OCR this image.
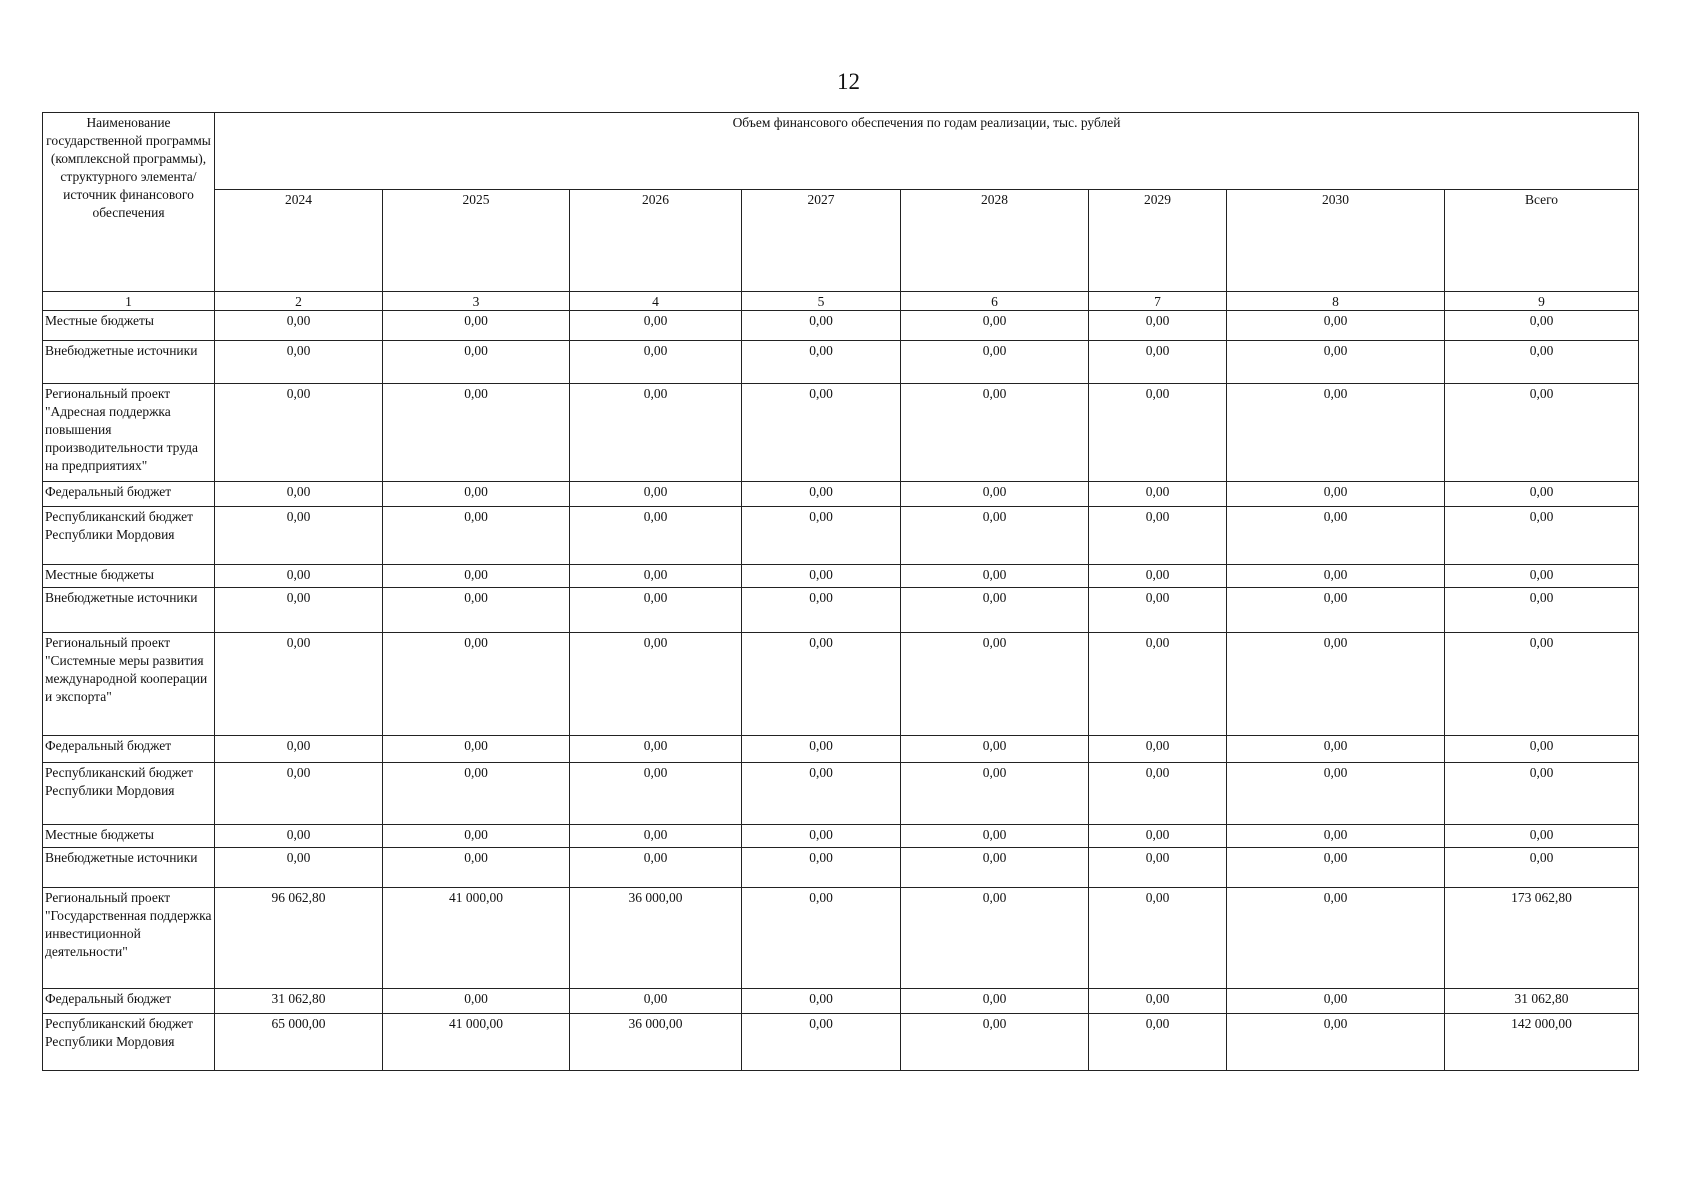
12
Наименование государственной программы (комплексной программы), структурного элемента/источник финансового обеспечения	Объем финансового обеспечения по годам реализации, тыс. рублей							
	2024	2025	2026	2027	2028	2029	2030	Всего
1	2	3	4	5	6	7	8	9
Местные бюджеты	0,00	0,00	0,00	0,00	0,00	0,00	0,00	0,00
Внебюджетные источники	0,00	0,00	0,00	0,00	0,00	0,00	0,00	0,00
Региональный проект "Адресная поддержка повышения производительности труда на предприятиях"	0,00	0,00	0,00	0,00	0,00	0,00	0,00	0,00
Федеральный бюджет	0,00	0,00	0,00	0,00	0,00	0,00	0,00	0,00
Республиканский бюджет Республики Мордовия	0,00	0,00	0,00	0,00	0,00	0,00	0,00	0,00
Местные бюджеты	0,00	0,00	0,00	0,00	0,00	0,00	0,00	0,00
Внебюджетные источники	0,00	0,00	0,00	0,00	0,00	0,00	0,00	0,00
Региональный проект "Системные меры развития международной кооперации и экспорта"	0,00	0,00	0,00	0,00	0,00	0,00	0,00	0,00
Федеральный бюджет	0,00	0,00	0,00	0,00	0,00	0,00	0,00	0,00
Республиканский бюджет Республики Мордовия	0,00	0,00	0,00	0,00	0,00	0,00	0,00	0,00
Местные бюджеты	0,00	0,00	0,00	0,00	0,00	0,00	0,00	0,00
Внебюджетные источники	0,00	0,00	0,00	0,00	0,00	0,00	0,00	0,00
Региональный проект "Государственная поддержка инвестиционной деятельности"	96 062,80	41 000,00	36 000,00	0,00	0,00	0,00	0,00	173 062,80
Федеральный бюджет	31 062,80	0,00	0,00	0,00	0,00	0,00	0,00	31 062,80
Республиканский бюджет Республики Мордовия	65 000,00	41 000,00	36 000,00	0,00	0,00	0,00	0,00	142 000,00
